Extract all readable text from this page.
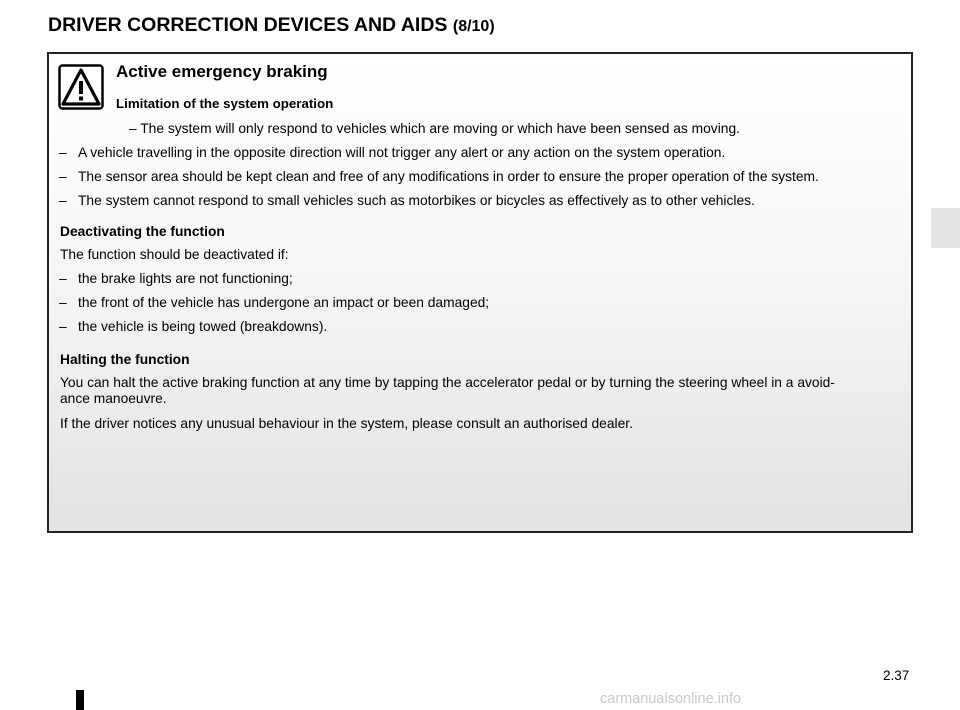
DRIVER CORRECTION DEVICES AND AIDS (8/10)
Active emergency braking
Limitation of the system operation
– The system will only respond to vehicles which are moving or which have been sensed as moving.
– A vehicle travelling in the opposite direction will not trigger any alert or any action on the system operation.
– The sensor area should be kept clean and free of any modifications in order to ensure the proper operation of the system.
– The system cannot respond to small vehicles such as motorbikes or bicycles as effectively as to other vehicles.
Deactivating the function
The function should be deactivated if:
– the brake lights are not functioning;
– the front of the vehicle has undergone an impact or been damaged;
– the vehicle is being towed (breakdowns).
Halting the function
You can halt the active braking function at any time by tapping the accelerator pedal or by turning the steering wheel in a avoid-
ance manoeuvre.
If the driver notices any unusual behaviour in the system, please consult an authorised dealer.
2.37
carmanualsonline.info
